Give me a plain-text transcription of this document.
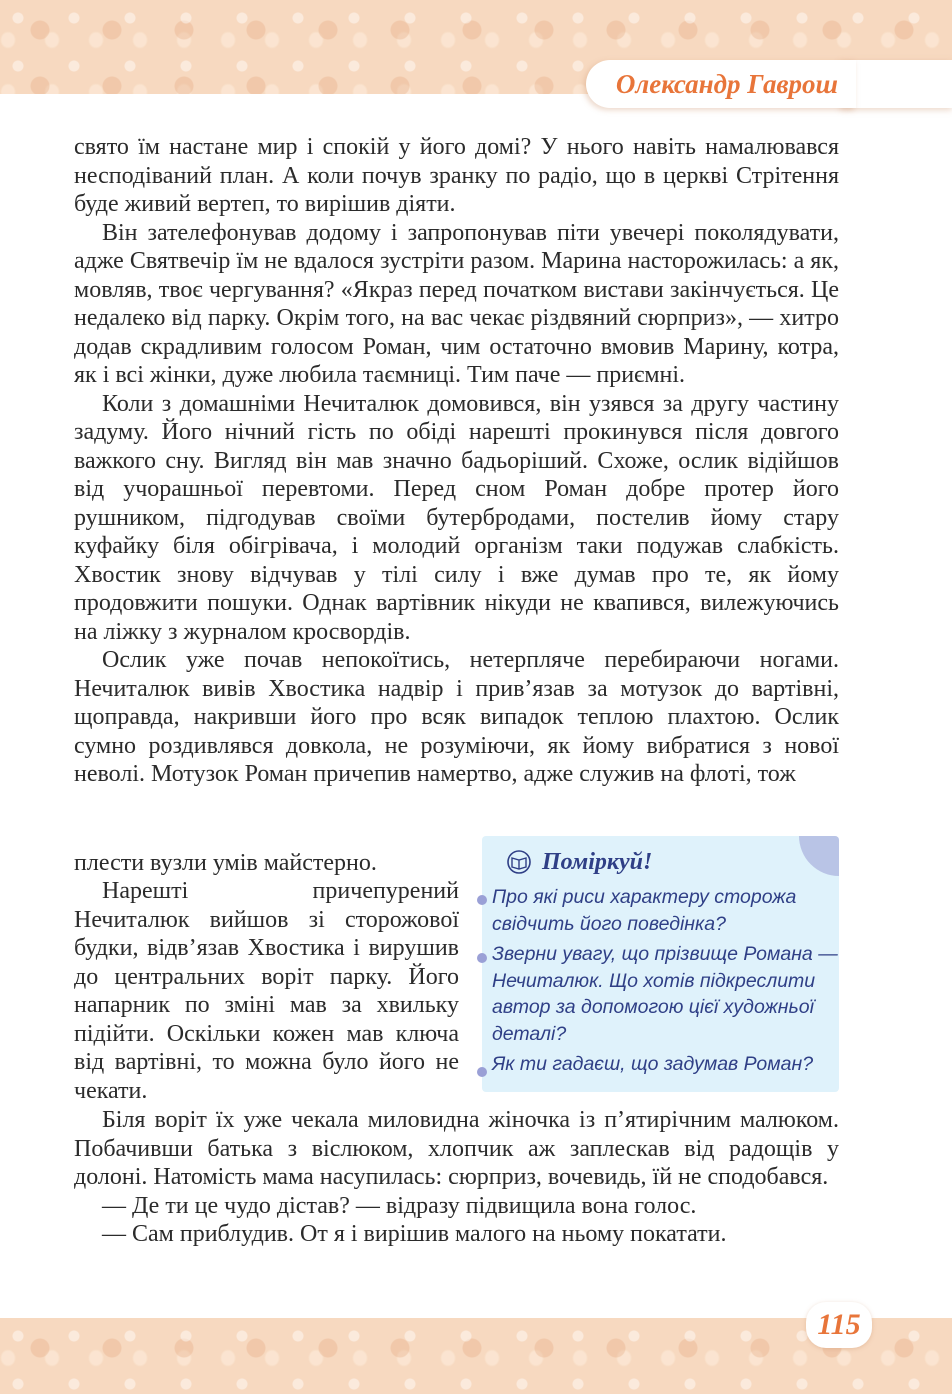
Олександр Гаврош

свято їм настане мир і спокій у його домі? У нього навіть намалювався несподіваний план. А коли почув зранку по радіо, що в церкві Стрітення буде живий вертеп, то вирішив діяти.

Він зателефонував додому і запропонував піти увечері поколядувати, адже Святвечір їм не вдалося зустріти разом. Марина насторожилась: а як, мовляв, твоє чергування? «Якраз перед початком вистави закінчується. Це недалеко від парку. Окрім того, на вас чекає різдвяний сюрприз», — хитро додав скрадливим голосом Роман, чим остаточно вмовив Марину, котра, як і всі жінки, дуже любила таємниці. Тим паче — приємні.

Коли з домашніми Нечиталюк домовився, він узявся за другу частину задуму. Його нічний гість по обіді нарешті прокинувся після довгого важкого сну. Вигляд він мав значно бадьоріший. Схоже, ослик відійшов від учорашньої перевтоми. Перед сном Роман добре протер його рушником, підгодував своїми бутербродами, постелив йому стару куфайку біля обігрівача, і молодий організм таки подужав слабкість. Хвостик знову відчував у тілі силу і вже думав про те, як йому продовжити пошуки. Однак вартівник нікуди не квапився, вилежуючись на ліжку з журналом кросвордів.

Ослик уже почав непокоїтись, нетерпляче перебираючи ногами. Нечиталюк вивів Хвостика надвір і прив’язав за мотузок до вартівні, щоправда, накривши його про всяк випадок теплою плахтою. Ослик сумно роздивлявся довкола, не розуміючи, як йому вибратися з нової неволі. Мотузок Роман причепив намертво, адже служив на флоті, тож

плести вузли умів майстерно.

Нарешті причепурений Нечиталюк вийшов зі сторожової будки, відв’язав Хвостика і вирушив до центральних воріт парку. Його напарник по зміні мав за хвильку підійти. Оскільки кожен мав ключа від вартівні, то можна було його не чекати.

Поміркуй!
Про які риси характеру сторожа свідчить його поведінка?
Зверни увагу, що прізвище Романа — Нечиталюк. Що хотів підкреслити автор за допомогою цієї художньої деталі?
Як ти гадаєш, що задумав Роман?

Біля воріт їх уже чекала миловидна жіночка із п’ятирічним малюком. Побачивши батька з віслюком, хлопчик аж заплескав від радощів у долоні. Натомість мама насупилась: сюрприз, вочевидь, їй не сподобався.

— Де ти це чудо дістав? — відразу підвищила вона голос.

— Сам приблудив. От я і вирішив малого на ньому покатати.

115
